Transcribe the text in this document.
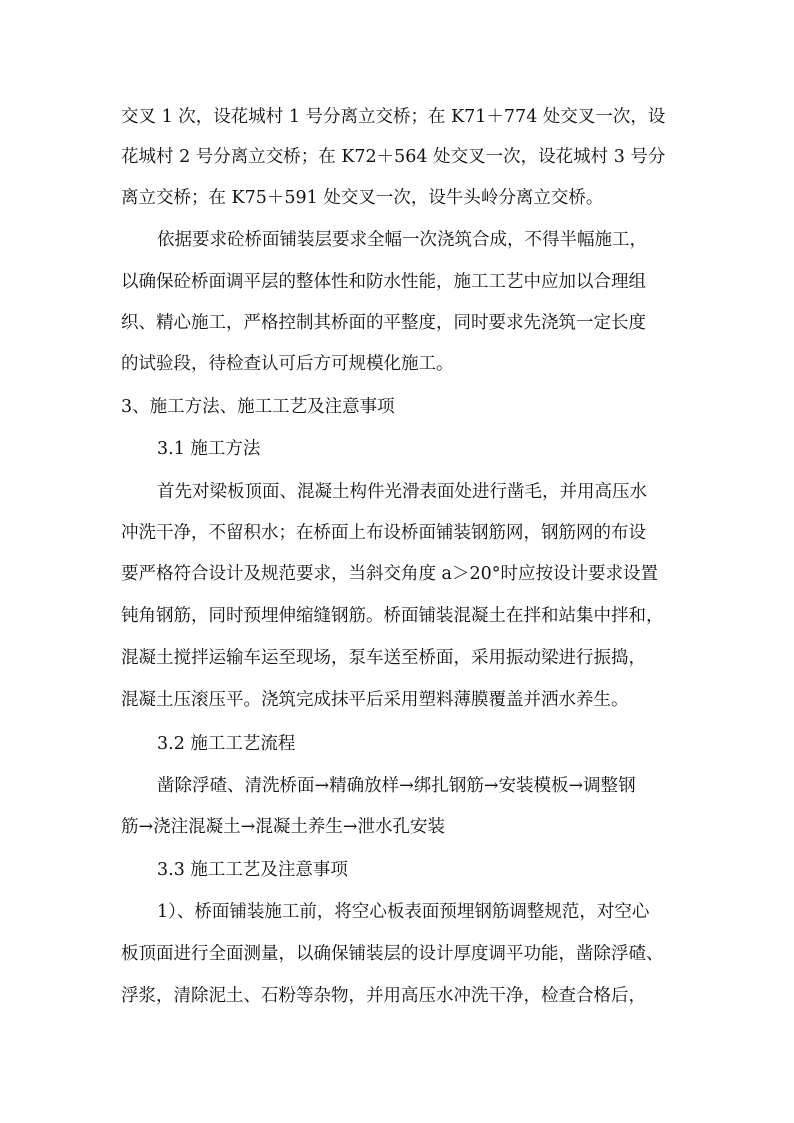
交叉 1 次，设花城村 1 号分离立交桥；在 K71＋774 处交叉一次，设
花城村 2 号分离立交桥；在 K72＋564 处交叉一次，设花城村 3 号分
离立交桥；在 K75＋591 处交叉一次，设牛头岭分离立交桥。
依据要求砼桥面铺装层要求全幅一次浇筑合成，不得半幅施工，
以确保砼桥面调平层的整体性和防水性能，施工工艺中应加以合理组
织、精心施工，严格控制其桥面的平整度，同时要求先浇筑一定长度
的试验段，待检查认可后方可规模化施工。
3、施工方法、施工工艺及注意事项
3.1 施工方法
首先对梁板顶面、混凝土构件光滑表面处进行凿毛，并用高压水
冲洗干净，不留积水；在桥面上布设桥面铺装钢筋网，钢筋网的布设
要严格符合设计及规范要求，当斜交角度 a＞20°时应按设计要求设置
钝角钢筋，同时预埋伸缩缝钢筋。桥面铺装混凝土在拌和站集中拌和，
混凝土搅拌运输车运至现场，泵车送至桥面，采用振动梁进行振捣，
混凝土压滚压平。浇筑完成抹平后采用塑料薄膜覆盖并洒水养生。
3.2 施工工艺流程
凿除浮碴、清洗桥面→精确放样→绑扎钢筋→安装模板→调整钢
筋→浇注混凝土→混凝土养生→泄水孔安装
3.3 施工工艺及注意事项
1）、桥面铺装施工前，将空心板表面预埋钢筋调整规范，对空心
板顶面进行全面测量，以确保铺装层的设计厚度调平功能，凿除浮碴、
浮浆，清除泥土、石粉等杂物，并用高压水冲洗干净，检查合格后，
